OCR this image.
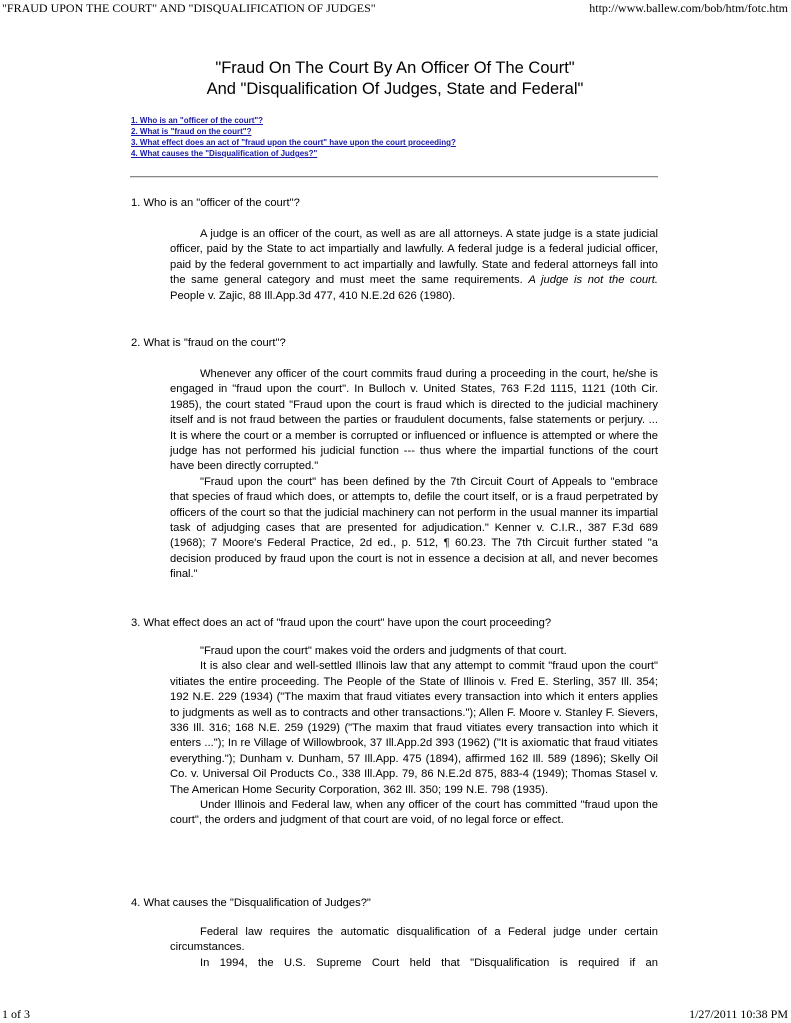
"FRAUD UPON THE COURT" AND "DISQUALIFICATION OF JUDGES"	http://www.ballew.com/bob/htm/fotc.htm
"Fraud On The Court By An Officer Of The Court"
And "Disqualification Of Judges, State and Federal"
1. Who is an "officer of the court"?
2. What is "fraud on the court"?
3. What effect does an act of "fraud upon the court" have upon the court proceeding?
4. What causes the "Disqualification of Judges?"
1. Who is an "officer of the court"?

A judge is an officer of the court, as well as are all attorneys. A state judge is a state judicial officer, paid by the State to act impartially and lawfully. A federal judge is a federal judicial officer, paid by the federal government to act impartially and lawfully. State and federal attorneys fall into the same general category and must meet the same requirements. A judge is not the court. People v. Zajic, 88 Ill.App.3d 477, 410 N.E.2d 626 (1980).

2. What is "fraud on the court"?

Whenever any officer of the court commits fraud during a proceeding in the court, he/she is engaged in "fraud upon the court". In Bulloch v. United States, 763 F.2d 1115, 1121 (10th Cir. 1985), the court stated "Fraud upon the court is fraud which is directed to the judicial machinery itself and is not fraud between the parties or fraudulent documents, false statements or perjury. ... It is where the court or a member is corrupted or influenced or influence is attempted or where the judge has not performed his judicial function --- thus where the impartial functions of the court have been directly corrupted."

"Fraud upon the court" has been defined by the 7th Circuit Court of Appeals to "embrace that species of fraud which does, or attempts to, defile the court itself, or is a fraud perpetrated by officers of the court so that the judicial machinery can not perform in the usual manner its impartial task of adjudging cases that are presented for adjudication." Kenner v. C.I.R., 387 F.3d 689 (1968); 7 Moore's Federal Practice, 2d ed., p. 512, ¶ 60.23. The 7th Circuit further stated "a decision produced by fraud upon the court is not in essence a decision at all, and never becomes final."

3. What effect does an act of "fraud upon the court" have upon the court proceeding?

"Fraud upon the court" makes void the orders and judgments of that court.

It is also clear and well-settled Illinois law that any attempt to commit "fraud upon the court" vitiates the entire proceeding. The People of the State of Illinois v. Fred E. Sterling, 357 Ill. 354; 192 N.E. 229 (1934) ("The maxim that fraud vitiates every transaction into which it enters applies to judgments as well as to contracts and other transactions."); Allen F. Moore v. Stanley F. Sievers, 336 Ill. 316; 168 N.E. 259 (1929) ("The maxim that fraud vitiates every transaction into which it enters ..."); In re Village of Willowbrook, 37 Ill.App.2d 393 (1962) ("It is axiomatic that fraud vitiates everything."); Dunham v. Dunham, 57 Ill.App. 475 (1894), affirmed 162 Ill. 589 (1896); Skelly Oil Co. v. Universal Oil Products Co., 338 Ill.App. 79, 86 N.E.2d 875, 883-4 (1949); Thomas Stasel v. The American Home Security Corporation, 362 Ill. 350; 199 N.E. 798 (1935).

Under Illinois and Federal law, when any officer of the court has committed "fraud upon the court", the orders and judgment of that court are void, of no legal force or effect.

4. What causes the "Disqualification of Judges?"

Federal law requires the automatic disqualification of a Federal judge under certain circumstances.

In 1994, the U.S. Supreme Court held that "Disqualification is required if an

1 of 3	1/27/2011 10:38 PM
